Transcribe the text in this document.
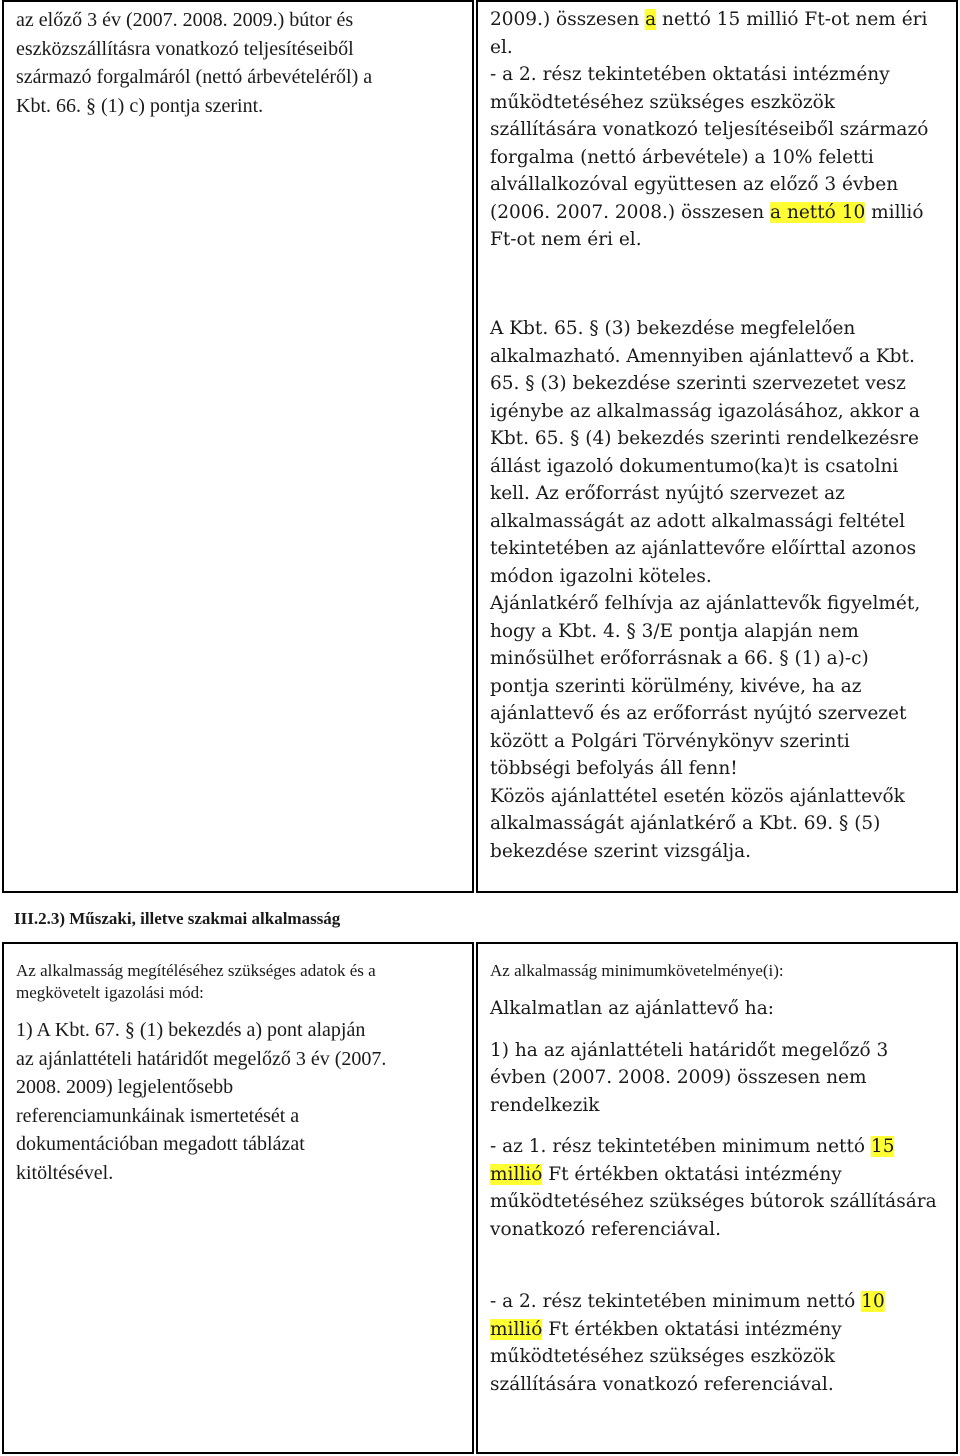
az előző 3 év (2007. 2008. 2009.) bútor és
eszközszállításra vonatkozó teljesítéseiből
származó forgalmáról (nettó árbevételéről) a
Kbt. 66. § (1) c) pontja szerint.
2009.) összesen a nettó 15 millió Ft-ot nem éri
el.
- a 2. rész tekintetében oktatási intézmény
működtetéséhez szükséges eszközök
szállítására vonatkozó teljesítéseiből származó
forgalma (nettó árbevétele) a 10% feletti
alvállalkozóval együttesen az előző 3 évben
(2006. 2007. 2008.) összesen a nettó 10 millió
Ft-ot nem éri el.
A Kbt. 65. § (3) bekezdése megfelelően
alkalmazható. Amennyiben ajánlattevő a Kbt.
65. § (3) bekezdése szerinti szervezetet vesz
igénybe az alkalmasság igazolásához, akkor a
Kbt. 65. § (4) bekezdés szerinti rendelkezésre
állást igazoló dokumentumo(ka)t is csatolni
kell. Az erőforrást nyújtó szervezet az
alkalmasságát az adott alkalmassági feltétel
tekintetében az ajánlattevőre előírttal azonos
módon igazolni köteles.
Ajánlatkérő felhívja az ajánlattevők figyelmét,
hogy a Kbt. 4. § 3/E pontja alapján nem
minősülhet erőforrásnak a 66. § (1) a)-c)
pontja szerinti körülmény, kivéve, ha az
ajánlattevő és az erőforrást nyújtó szervezet
között a Polgári Törvénykönyv szerinti
többségi befolyás áll fenn!
Közös ajánlattétel esetén közös ajánlattevők
alkalmasságát ajánlatkérő a Kbt. 69. § (5)
bekezdése szerint vizsgálja.
III.2.3) Műszaki, illetve szakmai alkalmasság
Az alkalmasság megítéléséhez szükséges adatok és a
megkövetelt igazolási mód:
1) A Kbt. 67. § (1) bekezdés a) pont alapján
az ajánlattételi határidőt megelőző 3 év (2007.
2008. 2009) legjelentősebb
referenciamunkáinak ismertetését a
dokumentációban megadott táblázat
kitöltésével.
Az alkalmasság minimumkövetelménye(i):
Alkalmatlan az ajánlattevő ha:
1) ha az ajánlattételi határidőt megelőző 3
évben (2007. 2008. 2009) összesen nem
rendelkezik
- az 1. rész tekintetében minimum nettó 15
millió Ft értékben oktatási intézmény
működtetéséhez szükséges bútorok szállítására
vonatkozó referenciával.
- a 2. rész tekintetében minimum nettó 10
millió Ft értékben oktatási intézmény
működtetéséhez szükséges eszközök
szállítására vonatkozó referenciával.
